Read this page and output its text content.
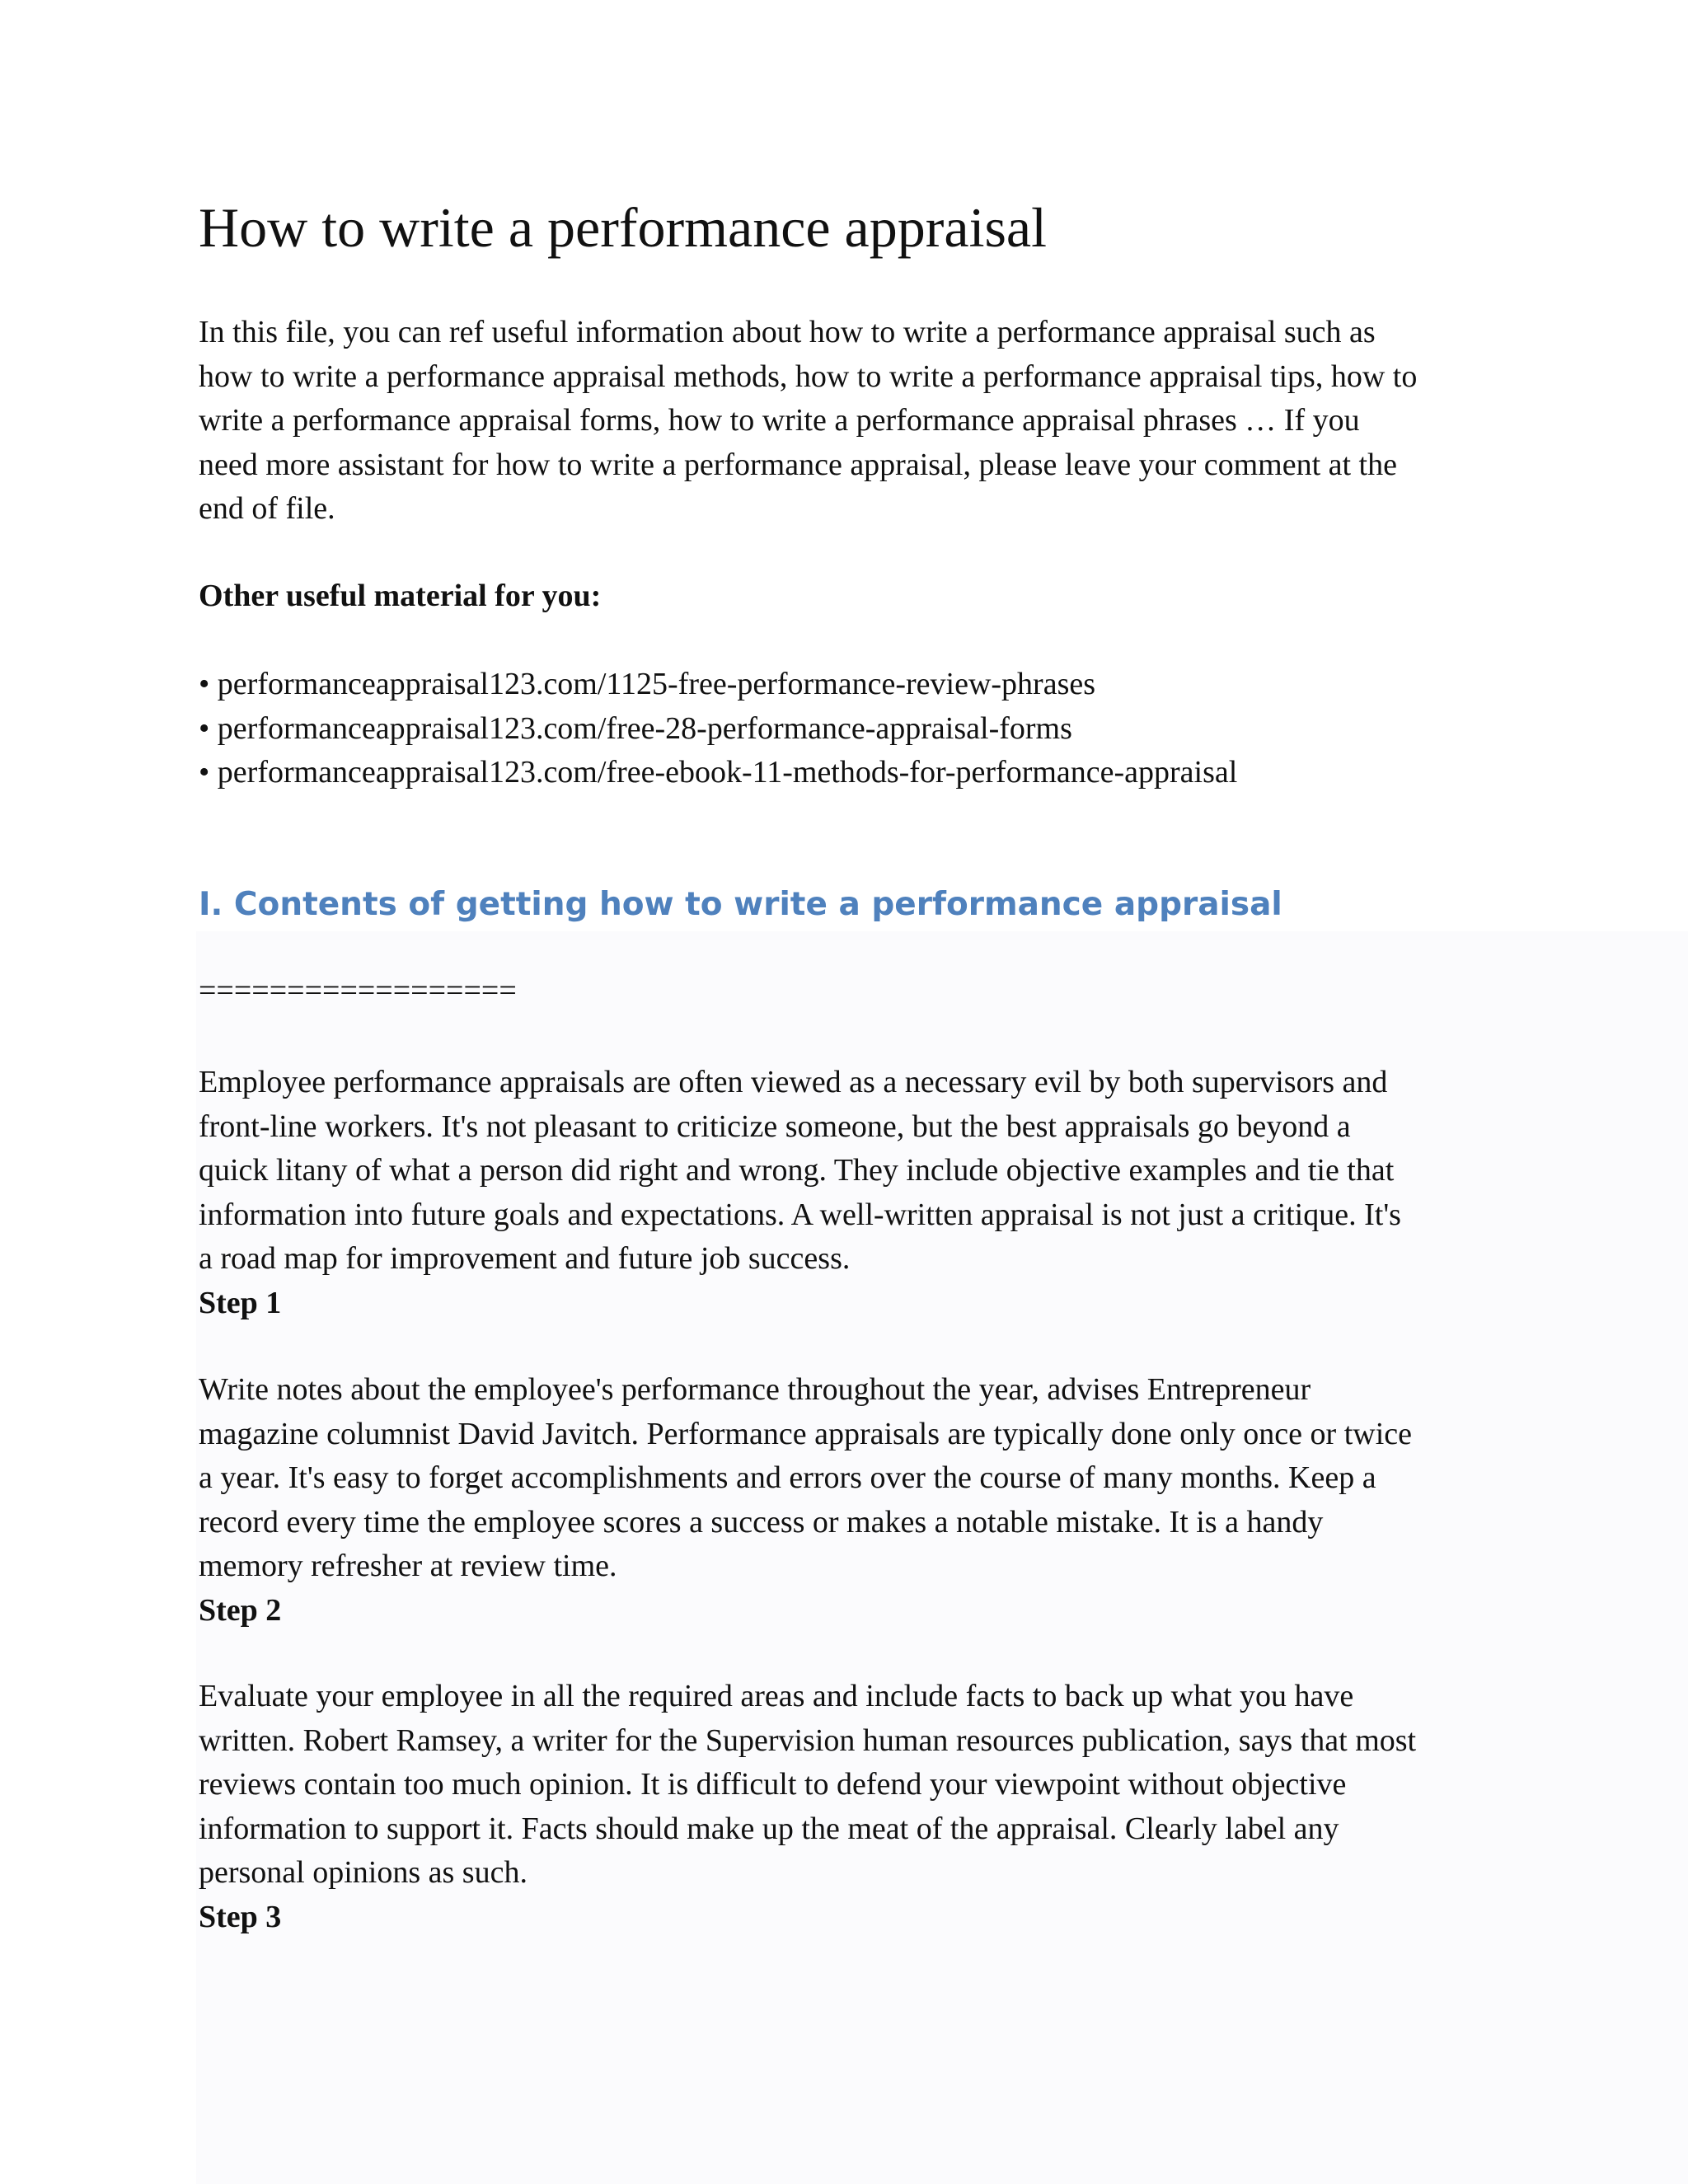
How to write a performance appraisal
In this file, you can ref useful information about how to write a performance appraisal such as
how to write a performance appraisal methods, how to write a performance appraisal tips, how to
write a performance appraisal forms, how to write a performance appraisal phrases … If you
need more assistant for how to write a performance appraisal, please leave your comment at the
end of file.
Other useful material for you:
• performanceappraisal123.com/1125-free-performance-review-phrases
• performanceappraisal123.com/free-28-performance-appraisal-forms
• performanceappraisal123.com/free-ebook-11-methods-for-performance-appraisal
I. Contents of getting how to write a performance appraisal
==================
Employee performance appraisals are often viewed as a necessary evil by both supervisors and
front-line workers. It's not pleasant to criticize someone, but the best appraisals go beyond a
quick litany of what a person did right and wrong. They include objective examples and tie that
information into future goals and expectations. A well-written appraisal is not just a critique. It's
a road map for improvement and future job success.
Step 1
Write notes about the employee's performance throughout the year, advises Entrepreneur
magazine columnist David Javitch. Performance appraisals are typically done only once or twice
a year. It's easy to forget accomplishments and errors over the course of many months. Keep a
record every time the employee scores a success or makes a notable mistake. It is a handy
memory refresher at review time.
Step 2
Evaluate your employee in all the required areas and include facts to back up what you have
written. Robert Ramsey, a writer for the Supervision human resources publication, says that most
reviews contain too much opinion. It is difficult to defend your viewpoint without objective
information to support it. Facts should make up the meat of the appraisal. Clearly label any
personal opinions as such.
Step 3
